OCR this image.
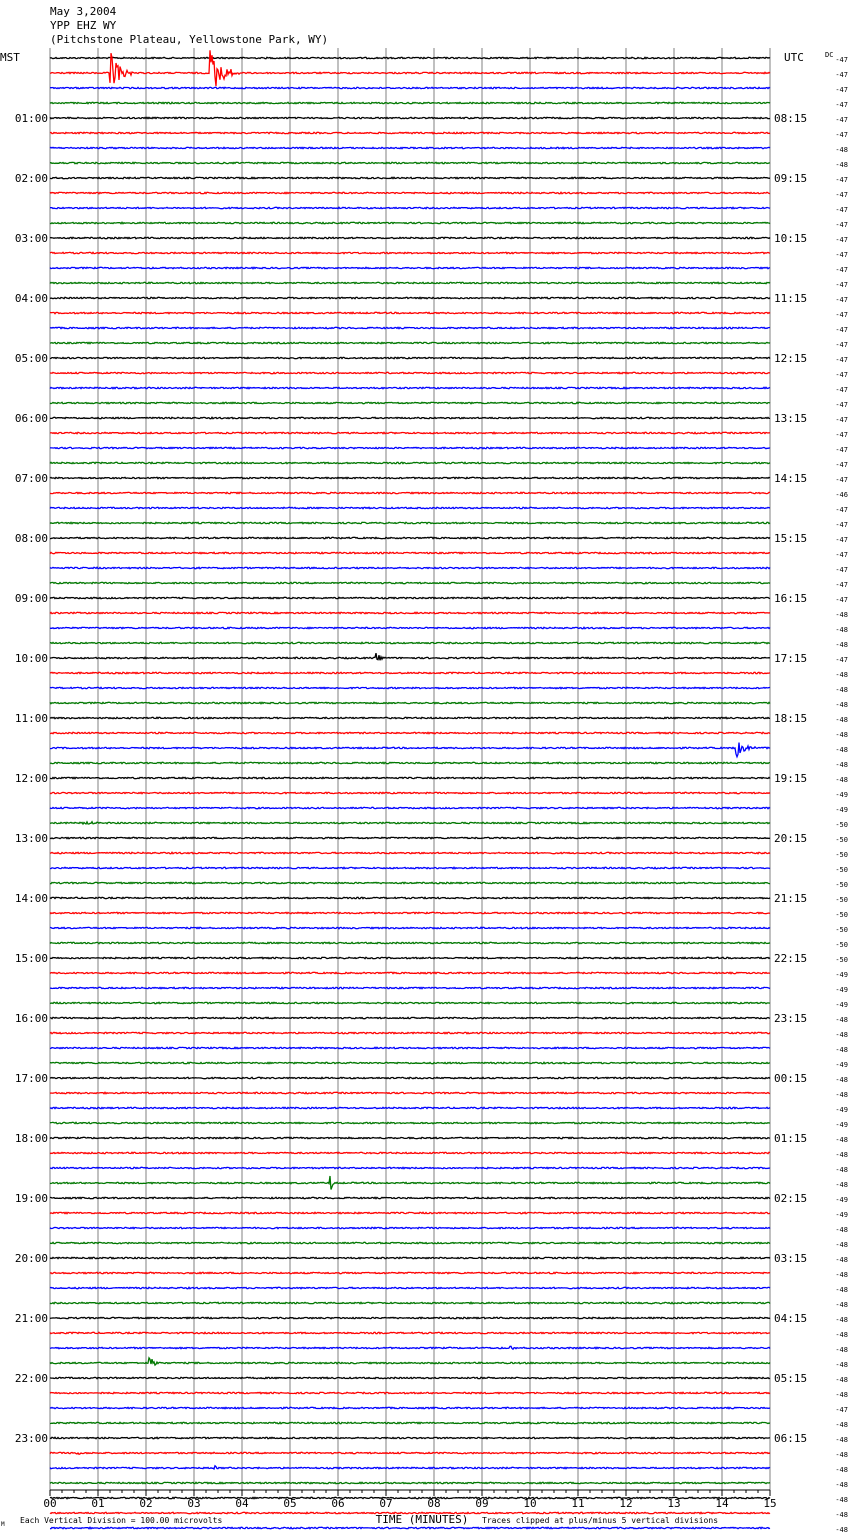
May 3,2004
YPP EHZ WY
(Pitchstone Plateau, Yellowstone Park, WY)
-47
-47
-47
-47
-47
-47
-48
-48
-47
-47
-47
-47
-47
-47
-47
-47
-47
-47
-47
-47
-47
-47
-47
-47
-47
-47
-47
-47
-47
-46
-47
-47
-47
-47
-47
-47
-47
-48
-48
-48
-47
-48
-48
-48
-48
-48
-48
-48
-48
-49
-49
-50
-50
-50
-50
-50
-50
-50
-50
-50
-50
-49
-49
-49
-48
-48
-48
-49
-48
-48
-49
-49
-48
-48
-48
-48
-49
-49
-48
-48
-48
-48
-48
-48
-48
-48
-48
-48
-48
-48
-47
-48
-48
-48
-48
-48
-48
-48
-48
MST	UTC	DC
01:00
02:00
03:00
04:00
05:00
06:00
07:00
08:00
09:00
10:00
11:00
12:00
13:00
14:00
15:00
16:00
17:00
18:00
19:00
20:00
21:00
22:00
23:00
08:15
09:15
10:15
11:15
12:15
13:15
14:15
15:15
16:15
17:15
18:15
19:15
20:15
21:15
22:15
23:15
00:15
01:15
02:15
03:15
04:15
05:15
06:15
00	01	02	03	04	05	06	07	08	09	10	11	12	13	14	15
TIME (MINUTES)
Each Vertical Division = 100.00 microvolts	Traces clipped at plus/minus 5 vertical divisions
M
